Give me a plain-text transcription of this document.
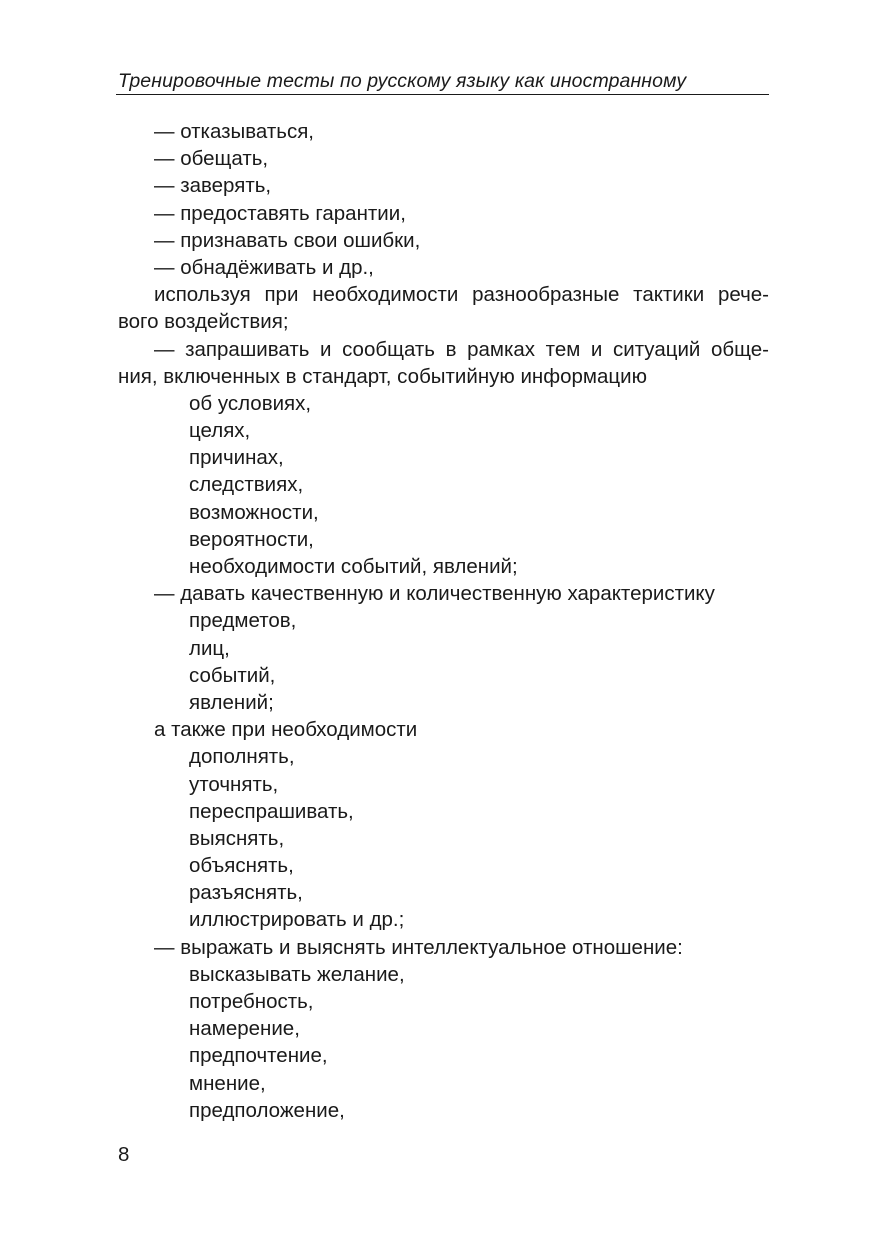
Тренировочные тесты по русскому языку как иностранному
— отказываться,
— обещать,
— заверять,
— предоставять гарантии,
— признавать свои ошибки,
— обнадёживать и др.,
используя при необходимости разнообразные тактики рече-
вого воздействия;
— запрашивать и сообщать в рамках тем и ситуаций обще-
ния, включенных в стандарт, событийную информацию
об условиях,
целях,
причинах,
следствиях,
возможности,
вероятности,
необходимости событий, явлений;
— давать качественную и количественную характеристику
предметов,
лиц,
событий,
явлений;
а также при необходимости
дополнять,
уточнять,
переспрашивать,
выяснять,
объяснять,
разъяснять,
иллюстрировать и др.;
— выражать и выяснять интеллектуальное отношение:
высказывать желание,
потребность,
намерение,
предпочтение,
мнение,
предположение,
8
